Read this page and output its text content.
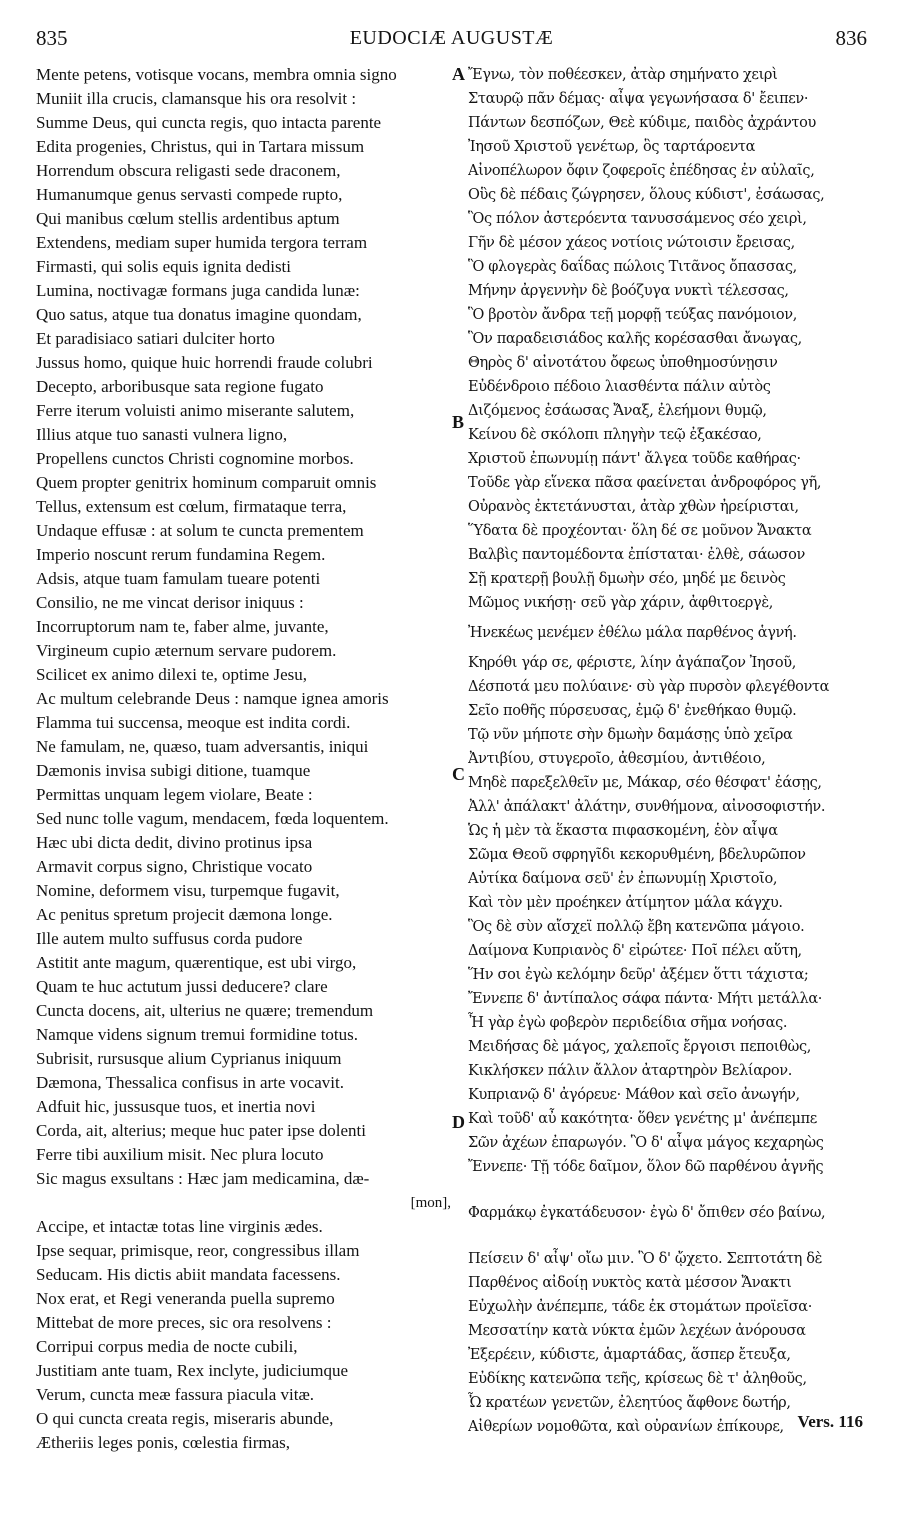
835	EUDOCIÆ AUGUSTÆ	836
Mente petens, votisque vocans, membra omnia signo
Muniit illa crucis, clamansque his ora resolvit :
Summe Deus, qui cuncta regis, quo intacta parente
Edita progenies, Christus, qui in Tartara missum
Horrendum obscura religasti sede draconem,
Humanumque genus servasti compede rupto,
Qui manibus cœlum stellis ardentibus aptum
Extendens, mediam super humida tergora terram
Firmasti, qui solis equis ignita dedisti
Lumina, noctivagæ formans juga candida lunæ:
Quo satus, atque tua donatus imagine quondam,
Et paradisiaco satiari dulciter horto
Jussus homo, quique huic horrendi fraude colubri
Decepto, arboribusque sata regione fugato
Ferre iterum voluisti animo miserante salutem,
Illius atque tuo sanasti vulnera ligno,
Propellens cunctos Christi cognomine morbos.
Quem propter genitrix hominum comparuit omnis
Tellus, extensum est cœlum, firmataque terra,
Undaque effusæ : at solum te cuncta prementem
Imperio noscunt rerum fundamina Regem.
Adsis, atque tuam famulam tueare potenti
Consilio, ne me vincat derisor iniquus :
Incorruptorum nam te, faber alme, juvante,
Virgineum cupio æternum servare pudorem.
Scilicet ex animo dilexi te, optime Jesu,
Ac multum celebrande Deus : namque ignea amoris
Flamma tui succensa, meoque est indita cordi.
Ne famulam, ne, quæso, tuam adversantis, iniqui
Dæmonis invisa subigi ditione, tuamque
Permittas unquam legem violare, Beate :
Sed nunc tolle vagum, mendacem, fœda loquentem.
Hæc ubi dicta dedit, divino protinus ipsa
Armavit corpus signo, Christique vocato
Nomine, deformem visu, turpemque fugavit,
Ac penitus spretum projecit dæmona longe.
Ille autem multo suffusus corda pudore
Astitit ante magum, quærentique, est ubi virgo,
Quam te huc actutum jussi deducere? clare
Cuncta docens, ait, ulterius ne quære; tremendum
Namque videns signum tremui formidine totus.
Subrisit, rursusque alium Cyprianus iniquum
Dæmona, Thessalica confisus in arte vocavit.
Adfuit hic, jussusque tuos, et inertia novi
Corda, ait, alterius; meque huc pater ipse dolenti
Ferre tibi auxilium misit. Nec plura locuto
Sic magus exsultans : Hæc jam medicamina, dæ-
[mon],
Accipe, et intactæ totas line virginis ædes.
Ipse sequar, primisque, reor, congressibus illam
Seducam. His dictis abiit mandata facessens.
Nox erat, et Regi veneranda puella supremo
Mittebat de more preces, sic ora resolvens :
Corripui corpus media de nocte cubili,
Justitiam ante tuam, Rex inclyte, judiciumque
Verum, cuncta meæ fassura piacula vitæ.
O qui cuncta creata regis, miseraris abunde,
Ætheriis leges ponis, cœlestia firmas,
Ἔγνω, τὸν ποθέεσκεν, ἀτὰρ σημήνατο χειρὶ
Σταυρῷ πᾶν δέμας· αἶψα γεγωνήσασα δ' ἔειπεν·
Πάντων δεσπόζων, Θεὲ κύδιμε, παιδὸς ἀχράντου
Ἰησοῦ Χριστοῦ γενέτωρ, ὃς ταρτάροεντα
Αἰνοπέλωρον ὄφιν ζοφεροῖς ἐπέδησας ἐν αὐλαῖς,
Οὓς δὲ πέδαις ζώγρησεν, ὅλους κύδιστ', ἐσάωσας,
Ὃς πόλον ἀστερόεντα τανυσσάμενος σέο χειρὶ,
Γῆν δὲ μέσον χάεος νοτίοις νώτοισιν ἔρεισας,
Ὃ φλογερὰς δαΐδας πώλοις Τιτᾶνος ὄπασσας,
Μήνην ἀργεννὴν δὲ βοόζυγα νυκτὶ τέλεσσας,
Ὃ βροτὸν ἄνδρα τεῇ μορφῇ τεύξας πανόμοιον,
Ὃν παραδεισιάδος καλῆς κορέσασθαι ἄνωγας,
Θηρὸς δ' αἰνοτάτου ὄφεως ὑποθημοσύνῃσιν
Εὐδένδροιο πέδοιο λιασθέντα πάλιν αὐτὸς
Διζόμενος ἐσάωσας Ἄναξ, ἐλεήμονι θυμῷ,
Κείνου δὲ σκόλοπι πληγὴν τεῷ ἐξακέσαο,
Χριστοῦ ἐπωνυμίῃ πάντ' ἄλγεα τοῦδε καθήρας·
Τοῦδε γὰρ εἵνεκα πᾶσα φαείνεται ἀνδροφόρος γῆ,
Οὐρανὸς ἐκτετάνυσται, ἀτὰρ χθὼν ἠρείρισται,
Ὕδατα δὲ προχέονται· ὅλη δέ σε μοῦνον Ἄνακτα
Βαλβὶς παντομέδοντα ἐπίσταται· ἐλθὲ, σάωσον
Σῇ κρατερῇ βουλῇ δμωὴν σέο, μηδέ με δεινὸς
Μῶμος νικήσῃ· σεῦ γὰρ χάριν, ἀφθιτοεργὲ,
Ἠνεκέως μενέμεν ἐθέλω μάλα παρθένος ἁγνή.
Κηρόθι γάρ σε, φέριστε, λίην ἀγάπαζον Ἰησοῦ,
Δέσποτά μευ πολύαινε· σὺ γὰρ πυρσὸν φλεγέθοντα
Σεῖο ποθῆς πύρσευσας, ἐμῷ δ' ἐνεθήκαο θυμῷ.
Τῷ νῦν μήποτε σὴν δμωὴν δαμάσῃς ὑπὸ χεῖρα
Ἀντιβίου, στυγεροῖο, ἀθεσμίου, ἀντιθέοιο,
Μηδὲ παρεξελθεῖν με, Μάκαρ, σέο θέσφατ' ἐάσῃς,
Ἀλλ' ἀπάλακτ' ἀλάτην, συνθήμονα, αἰνοσοφιστήν.
Ὡς ἡ μὲν τὰ ἕκαστα πιφασκομένη, ἑὸν αἶψα
Σῶμα Θεοῦ σφρηγῖδι κεκορυθμένη, βδελυρῶπον
Αὐτίκα δαίμονα σεῦ' ἐν ἐπωνυμίῃ Χριστοῖο,
Καὶ τὸν μὲν προέηκεν ἀτίμητον μάλα κάγχυ.
Ὃς δὲ σὺν αἴσχεϊ πολλῷ ἔβη κατενῶπα μάγοιο.
Δαίμονα Κυπριανὸς δ' εἰρώτεε· Ποῖ πέλει αὕτη,
Ἥν σοι ἐγὼ κελόμην δεῦρ' ἀξέμεν ὅττι τάχιστα;
Ἔννεπε δ' ἀντίπαλος σάφα πάντα· Μήτι μετάλλα·
Ἦ γὰρ ἐγὼ φοβερὸν περιδείδια σῆμα νοήσας.
Μειδήσας δὲ μάγος, χαλεποῖς ἔργοισι πεποιθὼς,
Κικλήσκεν πάλιν ἄλλον ἀταρτηρὸν Βελίαρον.
Κυπριανῷ δ' ἀγόρευε· Μάθον καὶ σεῖο ἀνωγήν,
Καὶ τοῦδ' αὖ κακότητα· ὅθεν γενέτης μ' ἀνέπεμπε
Σῶν ἀχέων ἐπαρωγόν. Ὃ δ' αἶψα μάγος κεχαρηὼς
Ἔννεπε· Τῇ τόδε δαῖμον, ὅλον δῶ παρθένου ἁγνῆς
Φαρμάκῳ ἐγκατάδευσον· ἐγὼ δ' ὄπιθεν σέο βαίνω,
Πείσειν δ' αἶψ' οἴω μιν. Ὃ δ' ᾤχετο. Σεπτοτάτη δὲ
Παρθένος αἰδοίῃ νυκτὸς κατὰ μέσσον Ἄνακτι
Εὐχωλὴν ἀνέπεμπε, τάδε ἐκ στομάτων προϊεῖσα·
Μεσσατίην κατὰ νύκτα ἐμῶν λεχέων ἀνόρουσα
Ἐξερέειν, κύδιστε, ἁμαρτάδας, ἅσπερ ἔτευξα,
Εὐδίκης κατενῶπα τεῆς, κρίσεως δὲ τ' ἀληθοῦς,
Ὦ κρατέων γενετῶν, ἐλεητύος ἄφθονε δωτήρ,
Αἰθερίων νομοθῶτα, καὶ οὐρανίων ἐπίκουρε,
A
B
C
D
Vers. 116
